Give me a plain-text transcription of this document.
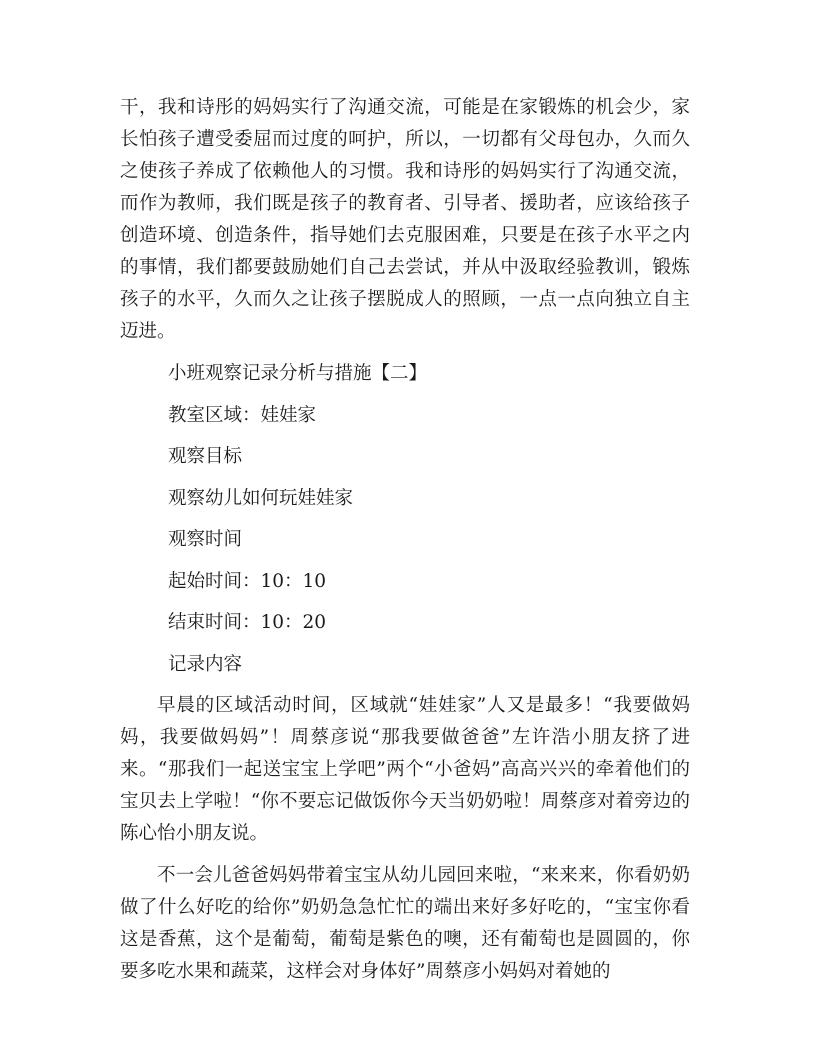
干，我和诗彤的妈妈实行了沟通交流，可能是在家锻炼的机会少，家长怕孩子遭受委屈而过度的呵护，所以，一切都有父母包办，久而久之使孩子养成了依赖他人的习惯。我和诗彤的妈妈实行了沟通交流，而作为教师，我们既是孩子的教育者、引导者、援助者，应该给孩子创造环境、创造条件，指导她们去克服困难，只要是在孩子水平之内的事情，我们都要鼓励她们自己去尝试，并从中汲取经验教训，锻炼孩子的水平，久而久之让孩子摆脱成人的照顾，一点一点向独立自主迈进。

小班观察记录分析与措施【二】

教室区域：娃娃家

观察目标

观察幼儿如何玩娃娃家

观察时间

起始时间：10：10

结束时间：10：20

记录内容

早晨的区域活动时间，区域就“娃娃家”人又是最多！“我要做妈妈，我要做妈妈”！周蔡彦说“那我要做爸爸”左许浩小朋友挤了进来。“那我们一起送宝宝上学吧”两个“小爸妈”高高兴兴的牵着他们的宝贝去上学啦！“你不要忘记做饭你今天当奶奶啦！周蔡彦对着旁边的陈心怡小朋友说。

不一会儿爸爸妈妈带着宝宝从幼儿园回来啦，“来来来，你看奶奶做了什么好吃的给你”奶奶急急忙忙的端出来好多好吃的，“宝宝你看这是香蕉，这个是葡萄，葡萄是紫色的噢，还有葡萄也是圆圆的，你要多吃水果和蔬菜，这样会对身体好”周蔡彦小妈妈对着她的
